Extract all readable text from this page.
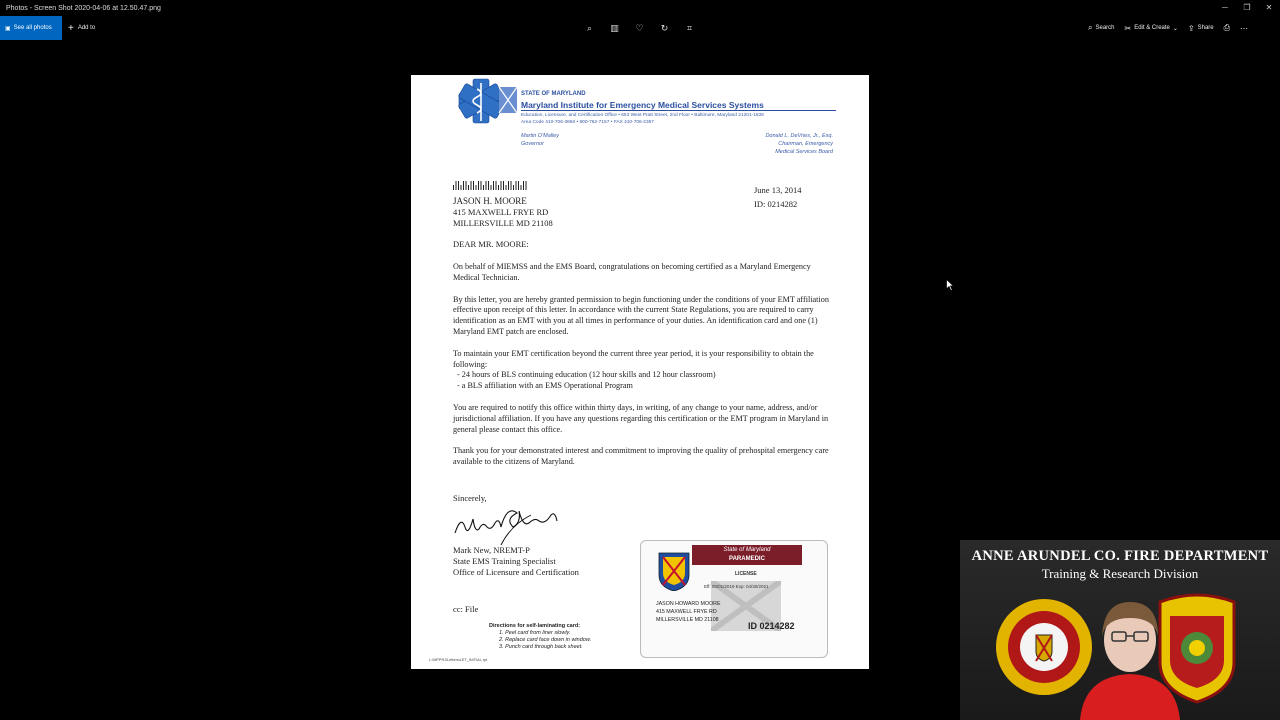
Photos - Screen Shot 2020-04-06 at 12.50.47.png	─	❐	✕
▣ See all photos + Add to	⌕ ▥ ♡ ↻ ⌗	⌕ Search ✂ Edit & Create ⌄ ⇪ Share ⎙ ⋯
STATE OF MARYLAND
Maryland Institute for Emergency Medical Services Systems
Education, Licensure, and Certification Office • 653 West Pratt Street, 2nd Floor • Baltimore, Maryland 21201-1536
Area Code 410-706-3666 • 800-762-7157 • FAX 410-706-2367
Martin O'Malley
Governor
Donald L. DeVries, Jr., Esq.
Chairman, Emergency
Medical Services Board
JASON H. MOORE
415 MAXWELL FRYE RD
MILLERSVILLE MD 21108
June 13, 2014
ID: 0214282
DEAR MR. MOORE:

On behalf of MIEMSS and the EMS Board, congratulations on becoming certified as a Maryland Emergency Medical Technician.

By this letter, you are hereby granted permission to begin functioning under the conditions of your EMT affiliation effective upon receipt of this letter. In accordance with the current State Regulations, you are required to carry identification as an EMT with you at all times in performance of your duties. An identification card and one (1) Maryland EMT patch are enclosed.

To maintain your EMT certification beyond the current three year period, it is your responsibility to obtain the following:
- 24 hours of BLS continuing education (12 hour skills and 12 hour classroom)
- a BLS affiliation with an EMS Operational Program

You are required to notify this office within thirty days, in writing, of any change to your name, address, and/or jurisdictional affiliation. If you have any questions regarding this certification or the EMT program in Maryland in general please contact this office.

Thank you for your demonstrated interest and commitment to improving the quality of prehospital emergency care available to the citizens of Maryland.

Sincerely,
Mark New, NREMT-P
State EMS Training Specialist
Office of Licensure and Certification
cc: File
Directions for self-laminating card:
1. Peel card from liner slowly.
2. Replace card face down in window.
3. Punch card through back sheet.
L:\MPPRJ\Letters\LET_INITIAL.rpt
State of Maryland
PARAMEDIC
LICENSE
Eff: 05/01/2019 Exp: 04/30/2021
JASON HOWARD MOORE
415 MAXWELL FRYE RD
MILLERSVILLE MD 21108
ID 0214282
ANNE ARUNDEL CO. FIRE DEPARTMENT
Training & Research Division
